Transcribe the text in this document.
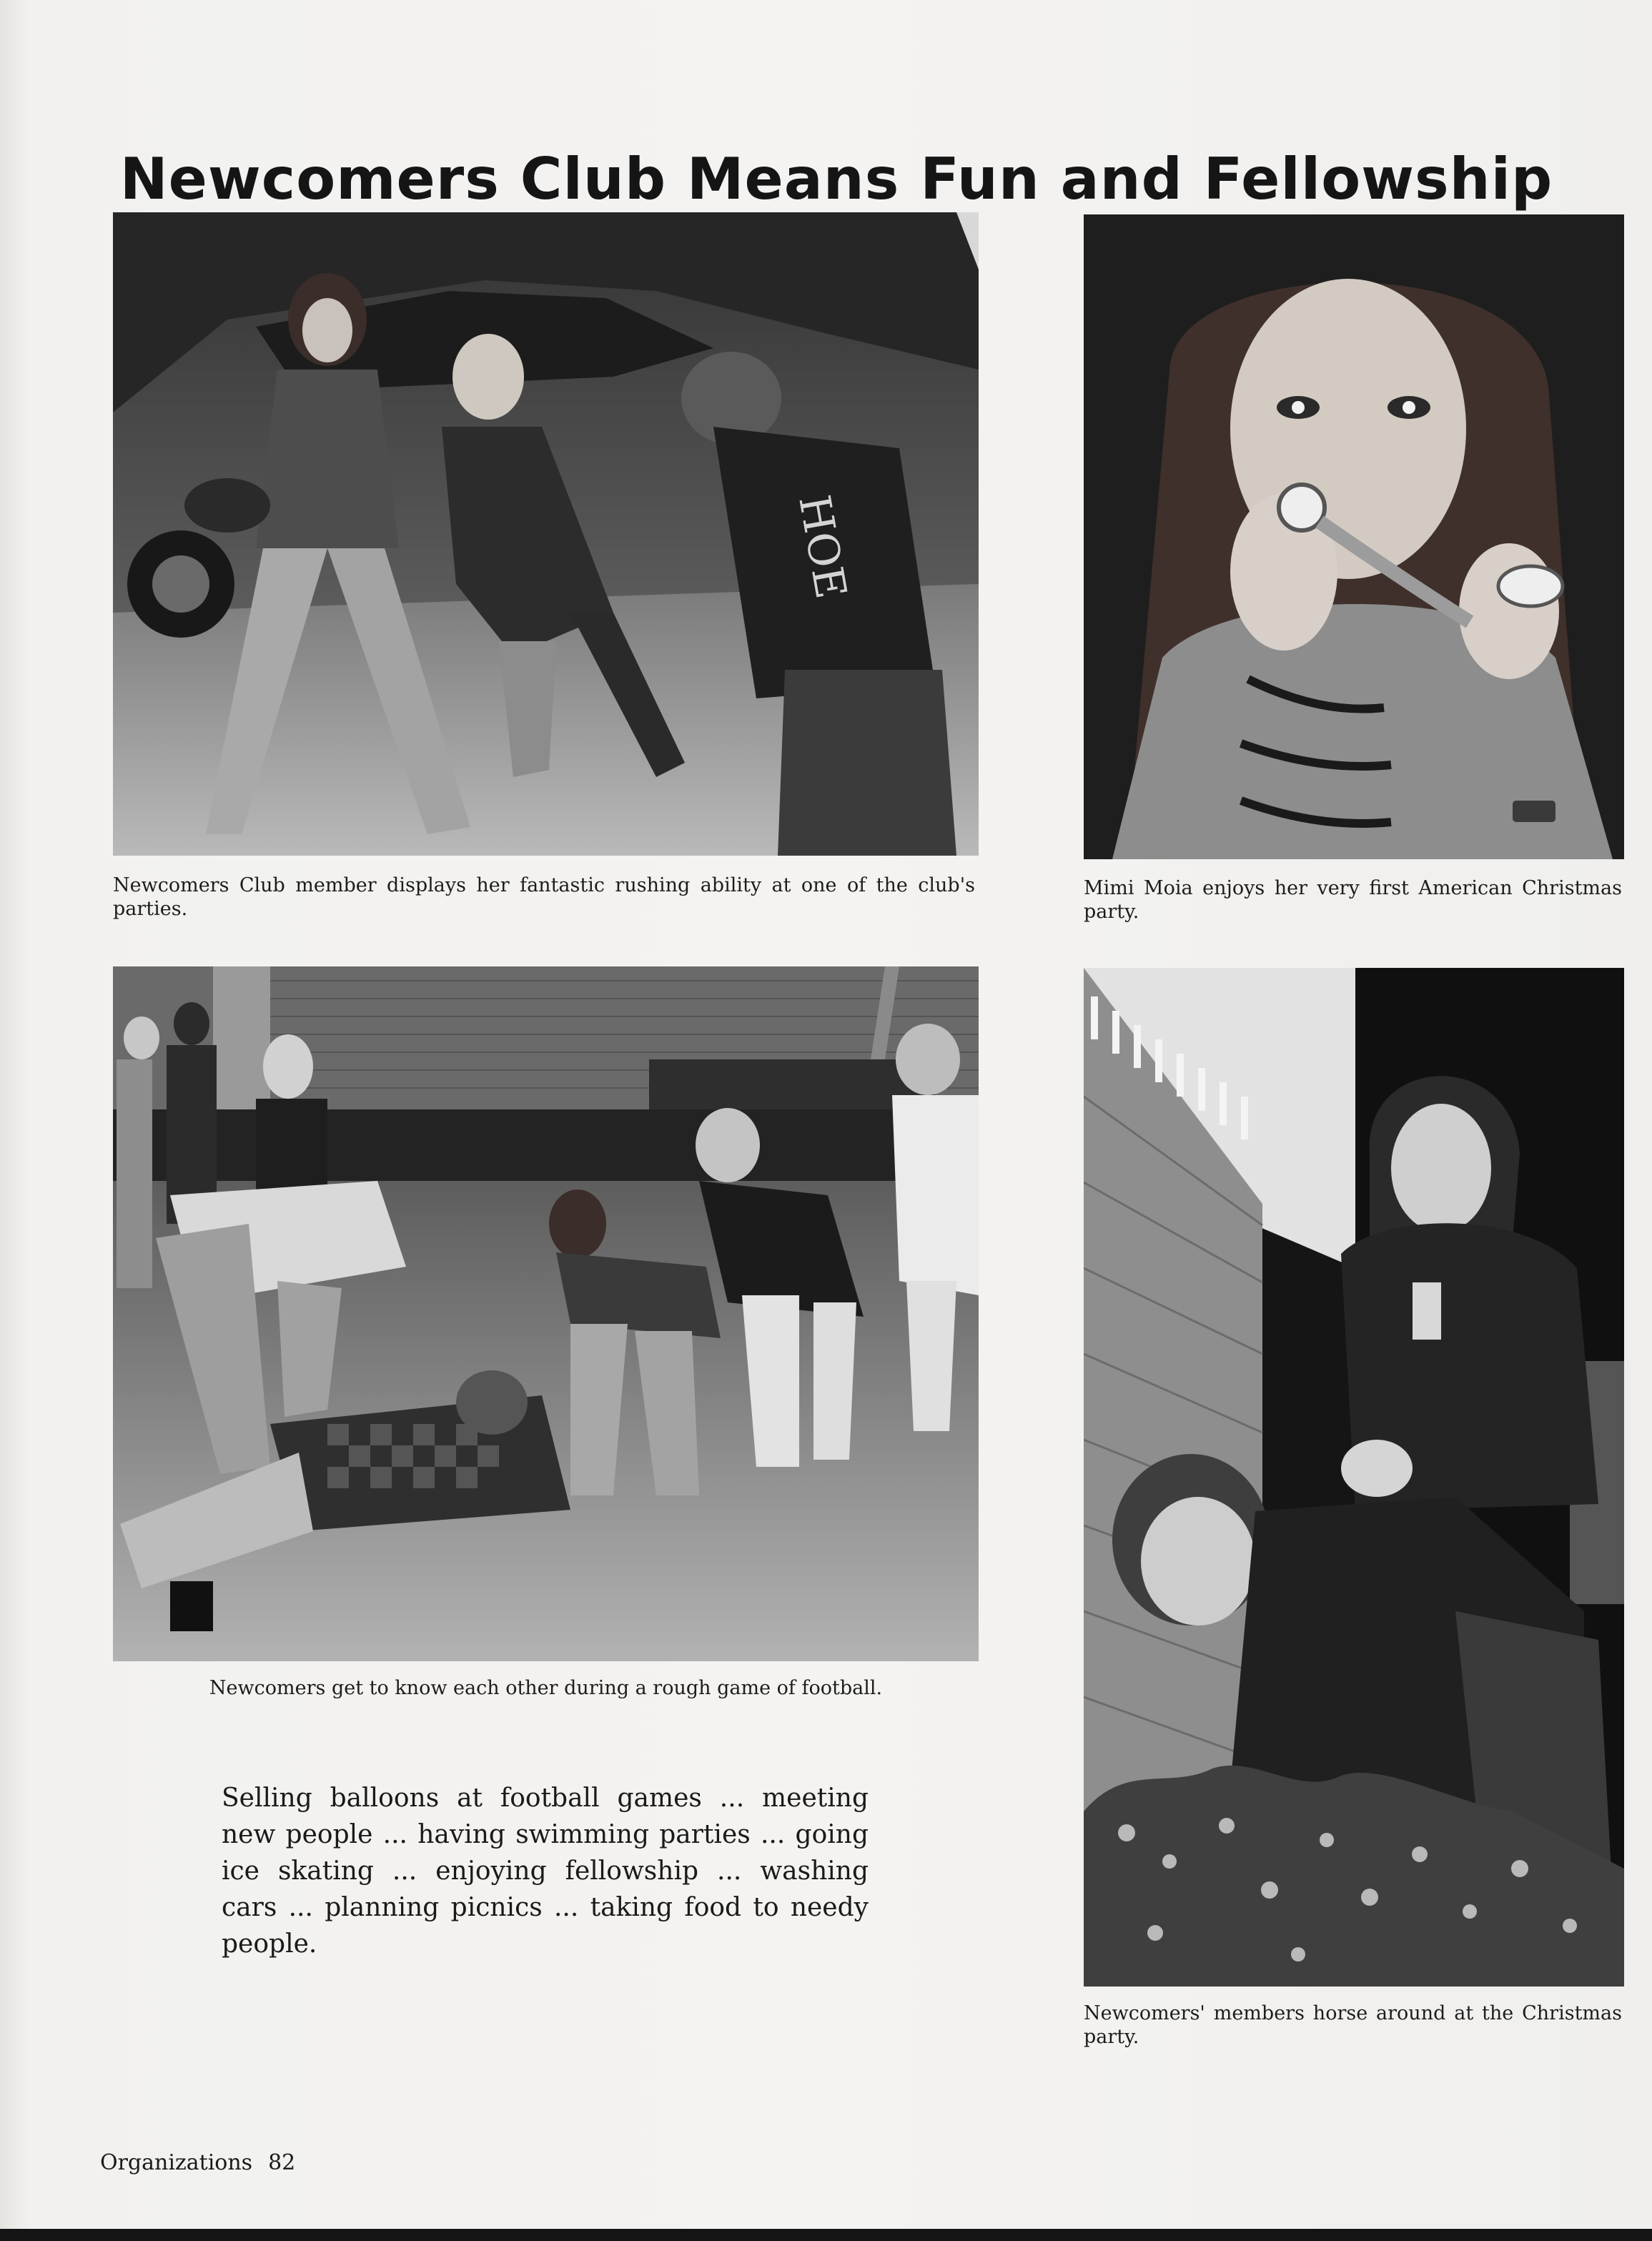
Newcomers Club Means Fun and Fellowship
HOE

Newcomers Club member displays her fantastic rushing ability at one of the club's parties.

Mimi Moia enjoys her very first American Christmas party.

Newcomers get to know each other during a rough game of football.

Newcomers' members horse around at the Christmas party.

Selling balloons at football games ... meeting new people ... having swimming parties ... going ice skating ... enjoying fellowship ... washing cars ... planning picnics ... taking food to needy people.

Organizations 82
